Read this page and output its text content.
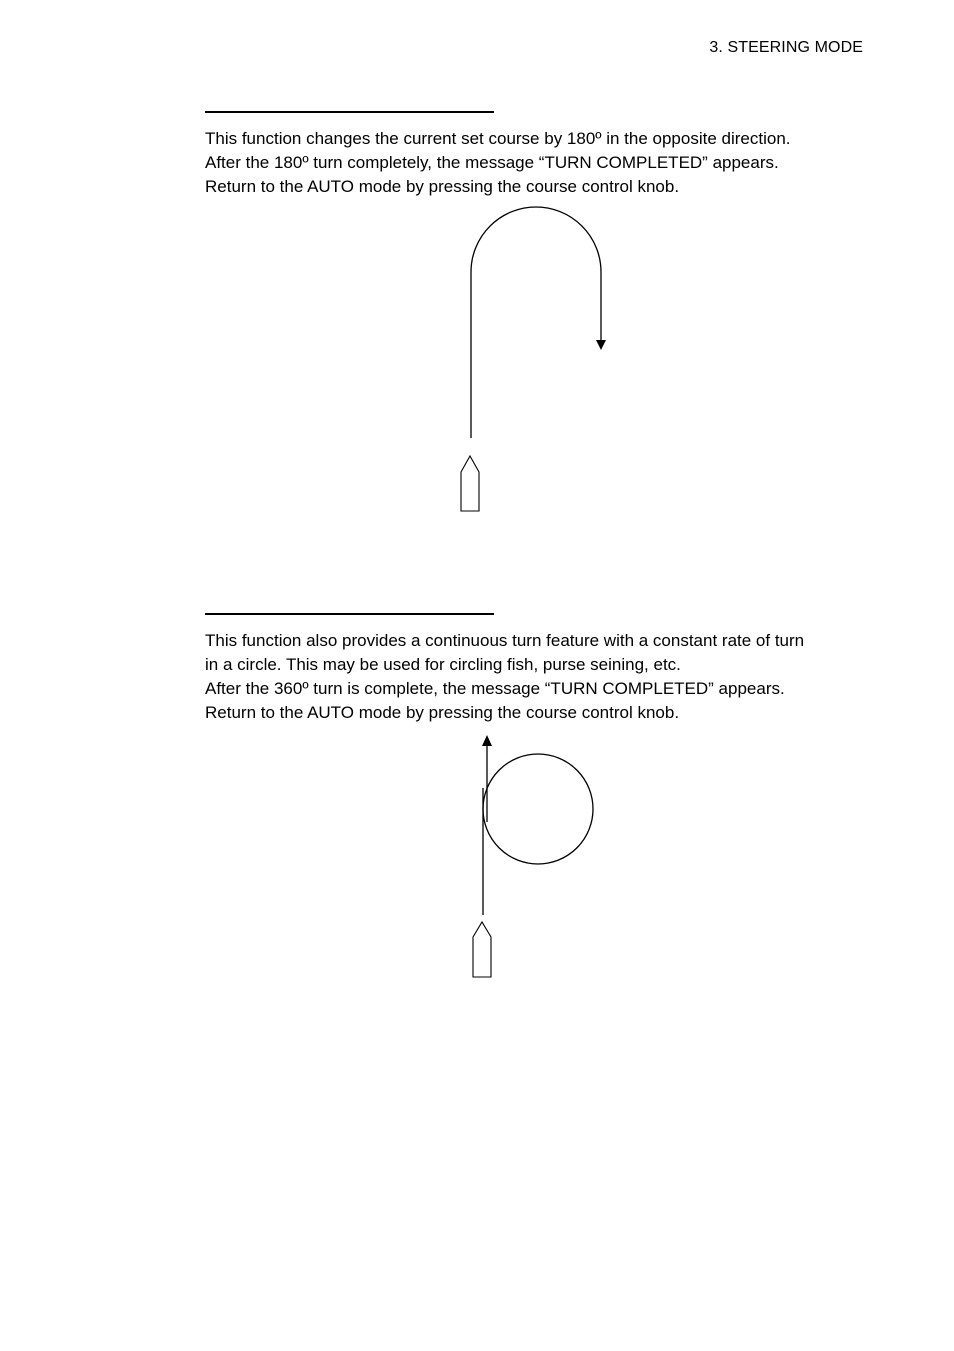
3. STEERING MODE

This function changes the current set course by 180º in the opposite direction.

After the 180º turn completely, the message “TURN COMPLETED” appears.

Return to the AUTO mode by pressing the course control knob.

This function also provides a continuous turn feature with a constant rate of turn

in a circle. This may be used for circling fish, purse seining, etc.

After the 360º turn is complete, the message “TURN COMPLETED” appears.

Return to the AUTO mode by pressing the course control knob.
